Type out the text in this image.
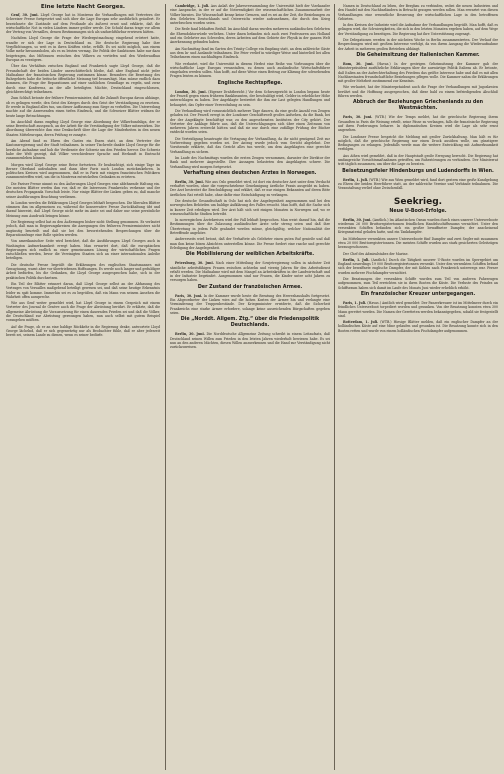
Eine letzte Nacht Georges.

Genf, 30. Juni. Lloyd George hat in Montreux die Verhandlungen mit Vertretern der Schweizer Presse fortgesetzt und sich über die Lage Europas sehr ausführlich geäußert. Er bezeichnete die Zustände auf dem Festlande als äußerst ernst und erklärte, daß die wirtschaftliche Not in vielen Ländern immer größer werde. Die Schuld daran trage vor allem der Vertrag von Versailles, dessen Bestimmungen sich als undurchführbar erwiesen hätten.

Nachdem Lloyd George die Frage der Wiedergutmachung eingehend erörtert hatte, wandte er sich der Lage in Deutschland zu. Die deutsche Regierung habe ihre Verpflichtungen, so weit es in ihren Kräften stehe, erfüllt. Es sei nicht möglich, aus einem Volke mehr herauszuholen, als es zu leisten vermag. Die Politik der Sanktionen habe nur dazu beigetragen, das Mißtrauen zwischen den Völkern zu vertiefen und den Wiederaufbau Europas zu verzögern.

Über das Verhältnis zwischen England und Frankreich sagte Lloyd George, daß die Freundschaft der beiden Länder unerschütterlich bleibe, daß aber England nicht jeder Maßnahme der französischen Regierung zustimmen könne. Besonders die Besetzung des Ruhrgebiets habe die britische öffentliche Meinung tief beunruhigt. Man müsse endlich dazu kommen, die Frage der Reparationen auf einer sachlichen Grundlage zu regeln, und zwar durch eine Konferenz, an der alle beteiligten Mächte, Deutschland eingeschlossen, gleichberechtigt teilnehmen.

Zum Schluß betonte der frühere Premierminister, daß die Zukunft Europas davon abhänge, ob es gelingen werde, den Geist des Krieges durch den Geist der Verständigung zu ersetzen. Er werde in England alles tun, um dieser Auffassung zum Siege zu verhelfen. Die Unterredung machte auf die Anwesenden einen tiefen Eindruck, und die Schweizer Blätter widmen ihr heute lange Betrachtungen.

Im Anschluß daran empfing Lloyd George eine Abordnung der Völkerbundsliga, der er seine Bereitschaft aussprach, an der Arbeit für die Verständigung der Völker mitzuwirken. Die Abordnung überreichte ihm eine Denkschrift über die Lage der Minderheiten in den neuen Staaten Mitteleuropas, deren Prüfung er zusagte.

Am Abend fand zu Ehren des Gastes ein Essen statt, an dem Vertreter der Kantonsregierung und der Stadt teilnahmen. In seiner Tischrede dankte Lloyd George für die herzliche Aufnahme und hob die Verdienste der Schweiz um den Frieden hervor. Die Schweiz habe der Welt gezeigt, daß Völker verschiedener Sprache und Herkunft in Eintracht zusammenleben können.

Morgen wird Lloyd George seine Reise fortsetzen. Er beabsichtigt, sich einige Tage im Berner Oberland aufzuhalten und dann über Paris nach London zurückzukehren. In politischen Kreisen wird angenommen, daß er in Paris mit einigen französischen Politikern zusammentreffen wird, um die in Montreux entwickelten Gedanken zu erörtern.

Die Pariser Presse nimmt zu den Äußerungen Lloyd Georges eine ablehnende Haltung ein. Die meisten Blätter werfen ihm vor, daß er die Interessen Frankreichs verkenne und der deutschen Propaganda Vorschub leiste. Nur einige Blätter der Linken geben zu, daß manche seiner Ausführungen Beachtung verdienen.

In London werden die Erklärungen Lloyd Georges lebhaft besprochen. Die liberalen Blätter stimmen ihm im allgemeinen zu, während die konservative Presse Zurückhaltung übt und darauf hinweist, daß Lloyd George nicht mehr im Amte sei und daher nur seine persönliche Meinung zum Ausdruck bringen könne.

Die Regierung selbst hat zu den Äußerungen bisher nicht Stellung genommen. Es verlautet jedoch, daß man in Regierungskreisen die Anregungen des früheren Premierministers nicht ungünstig beurteilt und daß sie bei den bevorstehenden Besprechungen über die Reparationsfrage eine Rolle spielen werden.

Von amerikanischer Seite wird berichtet, daß die Ausführungen Lloyd Georges auch in Washington Aufmerksamkeit erregt haben. Man erwartet dort, daß die europäischen Regierungen sich endlich zu einer gemeinsamen Lösung der wirtschaftlichen Fragen entschließen werden, bevor die Vereinigten Staaten sich an einer internationalen Anleihe beteiligen.

Die deutsche Presse begrüßt die Erklärungen des englischen Staatsmannes mit Genugtuung, warnt aber vor übertriebenen Hoffnungen. Es werde noch langer und geduldiger Arbeit bedürfen, bis die Gedanken, die Lloyd George ausgesprochen habe, sich in der praktischen Politik durchsetzen.

Ein Teil der Blätter erinnert daran, daß Lloyd George selbst an der Abfassung des Vertrages von Versailles maßgebend beteiligt gewesen sei, und daß seine heutige Erkenntnis leider zu spät komme. Immerhin sei es zu begrüßen, daß ein Mann von seinem Ansehen die Wahrheit offen ausspreche.

Wie aus Genf weiter gemeldet wird, hat Lloyd George in einem Gespräch mit einem Vertreter des Journal de Genève auch die Frage der Abrüstung berührt. Er erklärte, daß die allgemeine Abrüstung die Voraussetzung für einen dauernden Frieden sei und daß die Völker, die Deutschland zur Abrüstung gezwungen haben, nun auch selbst mit gutem Beispiel vorangehen müßten.

Auf die Frage, ob er an eine baldige Rückkehr in die Regierung denke, antwortete Lloyd George lächelnd, daß er sich gegenwärtig nur als Beobachter fühle, daß er aber jederzeit bereit sei, seinem Lande zu dienen, wenn es seiner bedürfe.

Cambridge, 1. Juli. Aus Anlaß der Jahresversammlung der Universität hielt der Vizekanzler eine Ansprache, in der er auf die Notwendigkeit der wissenschaftlichen Zusammenarbeit der Völker hinwies. Die Wissenschaft kenne keine Grenzen, und es sei an der Zeit, die Beziehungen zu den Gelehrten Deutschlands und Österreichs wieder aufzunehmen, die durch den Krieg unterbrochen worden seien.

Die Rede fand lebhaften Beifall. Im Anschluß daran wurden mehreren ausländischen Gelehrten die Ehrendoktorwürde verliehen. Unter ihnen befanden sich auch zwei Professoren aus Holland und ein Gelehrter aus Schweden, deren Arbeiten auf dem Gebiete der Physik in der ganzen Welt Anerkennung gefunden haben.

Am Nachmittag fand im Garten des Trinity College ein Empfang statt, an dem zahlreiche Gäste aus dem In- und Auslande teilnahmen. Die Feier verlief in würdiger Weise und hinterließ bei allen Teilnehmern einen nachhaltigen Eindruck.

Wie verlautet, wird die Universität in diesem Herbst eine Reihe von Vorlesungen über die wirtschaftliche Lage Europas veranstalten, zu denen auch ausländische Wirtschaftsführer eingeladen werden sollen. Man hofft, auf diese Weise einen Beitrag zur Klärung der schwebenden Fragen leisten zu können.

Englische Rechtspflege.

London, 30. Juni. (Eigener Drahtbericht.) Vor dem Schwurgericht in London begann heute der Prozeß gegen einen früheren Bankbeamten, der beschuldigt wird, Gelder in erheblicher Höhe unterschlagen zu haben. Der Angeklagte bestreitet die ihm zur Last gelegten Handlungen und behauptet, das Opfer einer Verwechslung zu sein.

Die Verhandlung wird voraussichtlich mehrere Tage dauern, da eine große Anzahl von Zeugen geladen ist. Der Prozeß erregt in der Londoner Geschäftswelt großes Aufsehen, da die Bank, bei der der Angeklagte beschäftigt war, zu den angesehensten Instituten der City gehört. Der Vertreter der Anklage führte aus, daß die Unterschlagungen sich über einen Zeitraum von mehreren Jahren erstreckt hätten und daß sie nur durch eine zufällige Prüfung der Bücher entdeckt worden seien.

Die Verteidigung beantragte die Vertagung der Verhandlung, da ihr nicht genügend Zeit zur Vorbereitung gegeben worden sei. Der Antrag wurde jedoch vom Gericht abgelehnt. Der Vorsitzende erklärte, daß das Gericht alles tun werde, um dem Angeklagten eine gerechte Verhandlung zu sichern.

Im Laufe des Nachmittags wurden die ersten Zeugen vernommen, darunter der Direktor der Bank und mehrere Angestellte. Ihre Aussagen belasteten den Angeklagten schwer. Die Verhandlung wird morgen fortgesetzt.

Verhaftung eines deutschen Arztes in Norwegen.

Berlin, 30. Juni. Wie aus Oslo gemeldet wird, ist dort ein deutscher Arzt unter dem Verdacht verhaftet worden, ohne die vorgeschriebene Genehmigung ärztliche Praxis ausgeübt zu haben. Der Arzt bestreitet die Beschuldigung und erklärt, daß er nur einigen Bekannten auf deren Bitte ärztlichen Rat erteilt habe, ohne dafür eine Entschädigung zu verlangen.

Die deutsche Gesandtschaft in Oslo hat sich der Angelegenheit angenommen und bei den norwegischen Behörden um baldige Aufklärung des Falles ersucht. Man hofft, daß die Sache sich in kurzer Zeit erledigen wird. Der Arzt hält sich seit einigen Monaten in Norwegen auf, wo er wissenschaftliche Studien betreibt.

In norwegischen Ärztekreisen wird der Fall lebhaft besprochen. Man weist darauf hin, daß die Bestimmungen über die Zulassung ausländischer Ärzte sehr streng seien und daß ihre Übertretung in jedem Falle geahndet werden müsse, gleichgültig, welcher Nationalität der Betreffende angehöre.

Andererseits wird betont, daß der Verhaftete als Gelehrter einen guten Ruf genieße und daß man ihm keine bösen Absichten unterstellen könne. Die Presse fordert eine rasche und gerechte Erledigung der Angelegenheit.

Die Mobilisierung der weiblichen Arbeitskräfte.

Petersburg, 30. Juni. Nach einer Mitteilung der Sowjetregierung sollen in nächster Zeit sämtliche arbeitsfähigen Frauen zwischen achtzehn und vierzig Jahren für den Arbeitsdienst erfaßt werden. Die Maßnahme wird mit dem Mangel an Arbeitskräften in der Landwirtschaft und in der Industrie begründet. Ausgenommen sind nur Frauen, die Kinder unter acht Jahren zu versorgen haben.

Der Zustand der französischen Armee.

Paris, 30. Juni. In der Kammer wurde heute die Beratung des Heereshaushalts fortgesetzt. Ein Abgeordneter der Linken wies auf die hohen Kosten der Armee hin und verlangte eine Verminderung der Truppenbestände. Der Kriegsminister erwiderte, daß die Sicherheit Frankreichs eine starke Armee erfordere, solange keine ausreichenden Bürgschaften gegeben seien.

Die „Norddt. Allgem. Ztg.“ über die Friedenspolitik Deutschlands.

Berlin, 30. Juni. Die Norddeutsche Allgemeine Zeitung schreibt in einem Leitaufsatz, daß Deutschland seinen Willen zum Frieden in den letzten Jahren wiederholt bewiesen habe. Es sei nun an den anderen Mächten, diesen Willen anzuerkennen und die Hand zur Verständigung nicht zurückzuweisen.

Namen in Deutschland zu leben, der Bergbau zu verbinden, wobei die neuen Industrien und den Handel mit den Nachbarländern in Betracht gezogen werden sollen. Man erwartet von diesen Verhandlungen eine wesentliche Besserung der wirtschaftlichen Lage in den betroffenen Gebieten.

In den Kreisen der Industrie wird die Aufnahme der Verhandlungen begrüßt. Man hofft, daß es gelingen wird, die Schwierigkeiten, die sich in den letzten Monaten ergeben haben, auf dem Wege der Verständigung zu beseitigen. Die Regierung hat ihre Unterstützung zugesagt.

Die Delegationen werden in der nächsten Woche in Berlin zusammentreten. Der Verlauf der Besprechungen wird mit großem Interesse verfolgt, da von ihrem Ausgang die Wiederaufnahme der Arbeit in mehreren großen Betrieben abhängt.

Die Geheimsitzung der italienischen Kammer.

Rom, 30. Juni. (Havas.) In der gestrigen Geheimsitzung der Kammer gab der Ministerpräsident ausführliche Erklärungen über die auswärtige Politik Italiens ab. Er betonte, daß Italien an der Aufrechterhaltung des Friedens das größte Interesse habe und daß es mit allen Nachbarstaaten freundschaftliche Beziehungen pflegen wolle. Die Kammer nahm die Erklärungen mit großer Mehrheit zustimmend zur Kenntnis.

Wie verlautet, hat der Ministerpräsident auch die Frage der Verhandlungen mit Jugoslawien berührt und die Hoffnung ausgesprochen, daß diese bald zu einem befriedigenden Abschluß führen werden.

Abbruch der Beziehungen Griechenlands zu den Westmächten.

Paris, 30. Juni. (WTB.) Wie der Temps meldet, hat die griechische Regierung ihrem Gesandten in Paris die Weisung erteilt, seine Pässe zu verlangen, falls die französische Regierung auf ihren Forderungen beharre. In diplomatischen Kreisen wird die Lage als sehr ernst angesehen.

Die Londoner Presse bespricht die Meldung mit großer Zurückhaltung. Man hält es für möglich, daß die griechische Regierung nur einen Druck ausüben wolle, um günstigere Bedingungen zu erlangen. Jedenfalls werde man die weitere Entwicklung mit Aufmerksamkeit verfolgen.

Aus Athen wird gemeldet, daß in der Hauptstadt große Erregung herrscht. Die Regierung hat umfangreiche Vorsichtsmaßnahmen getroffen, um Ruhestörungen zu verhindern. Der Ministerrat tritt täglich zusammen, um über die Lage zu beraten.

Beisetzungsfeier Hindenburgs und Ludendorffs in Wien.

Berlin, 1. Juli. (WTB.) Wie aus Wien gemeldet wird, fand dort gestern eine große Kundgebung zu Ehren der beiden Heerführer statt, an der zahlreiche Vereine und Verbände teilnahmen. Die Veranstaltung verlief ohne Zwischenfall.

Seekrieg.
Neue U-Boot-Erfolge.

Berlin, 30. Juni. (Amtlich.) Im Atlantischen Ozean wurden durch eines unserer Unterseeboote wiederum 26 000 Bruttoregistertonnen feindlichen Handelsschiffsraums vernichtet. Unter den versenkten Schiffen befanden sich ein großer bewaffneter Dampfer, der anscheinend Kriegsmaterial geladen hatte, und ein Tankdampfer.

Im Mittelmeer versenkten unsere Unterseeboote fünf Dampfer und zwei Segler mit zusammen etwa 20 000 Bruttoregistertonnen. Die meisten Schiffe wurden aus stark gesicherten Geleitzügen herausgeschossen.

Der Chef des Admiralstabes der Marine.

Berlin, 1. Juli. (Amtlich.) Durch die Tätigkeit unserer U-Boote wurden im Sperrgebiet um England neuerdings 19 000 Bruttoregistertonnen versenkt. Unter den versenkten Schiffen befand sich der bewaffnete englische Dampfer, der mit Kohlen nach Frankreich unterwegs war. Ferner wurden mehrere Fischdampfer vernichtet.

Die Besatzungen der versenkten Schiffe wurden zum Teil von anderen Fahrzeugen aufgenommen, zum Teil erreichten sie in ihren Booten die Küste. Die Verluste des Feindes an Schiffsraum haben sich damit im Laufe des Monats Juni wieder erheblich erhöht.

Ein französischer Kreuzer untergegangen.

Paris, 1. Juli. (Havas.) Amtlich wird gemeldet: Der Panzerkreuzer ist im Mittelmeer durch ein feindliches Unterseeboot torpediert worden und gesunken. Von der Besatzung konnten etwa 300 Mann gerettet werden. Die Namen der Geretteten werden bekanntgegeben, sobald sie festgestellt sind.

Rotterdam, 1. Juli. (WTB.) Hiesige Blätter melden, daß ein englischer Dampfer an der holländischen Küste auf eine Mine gelaufen und gesunken ist. Die Besatzung konnte sich in den Booten retten und wurde von einem holländischen Fischdampfer aufgenommen.
